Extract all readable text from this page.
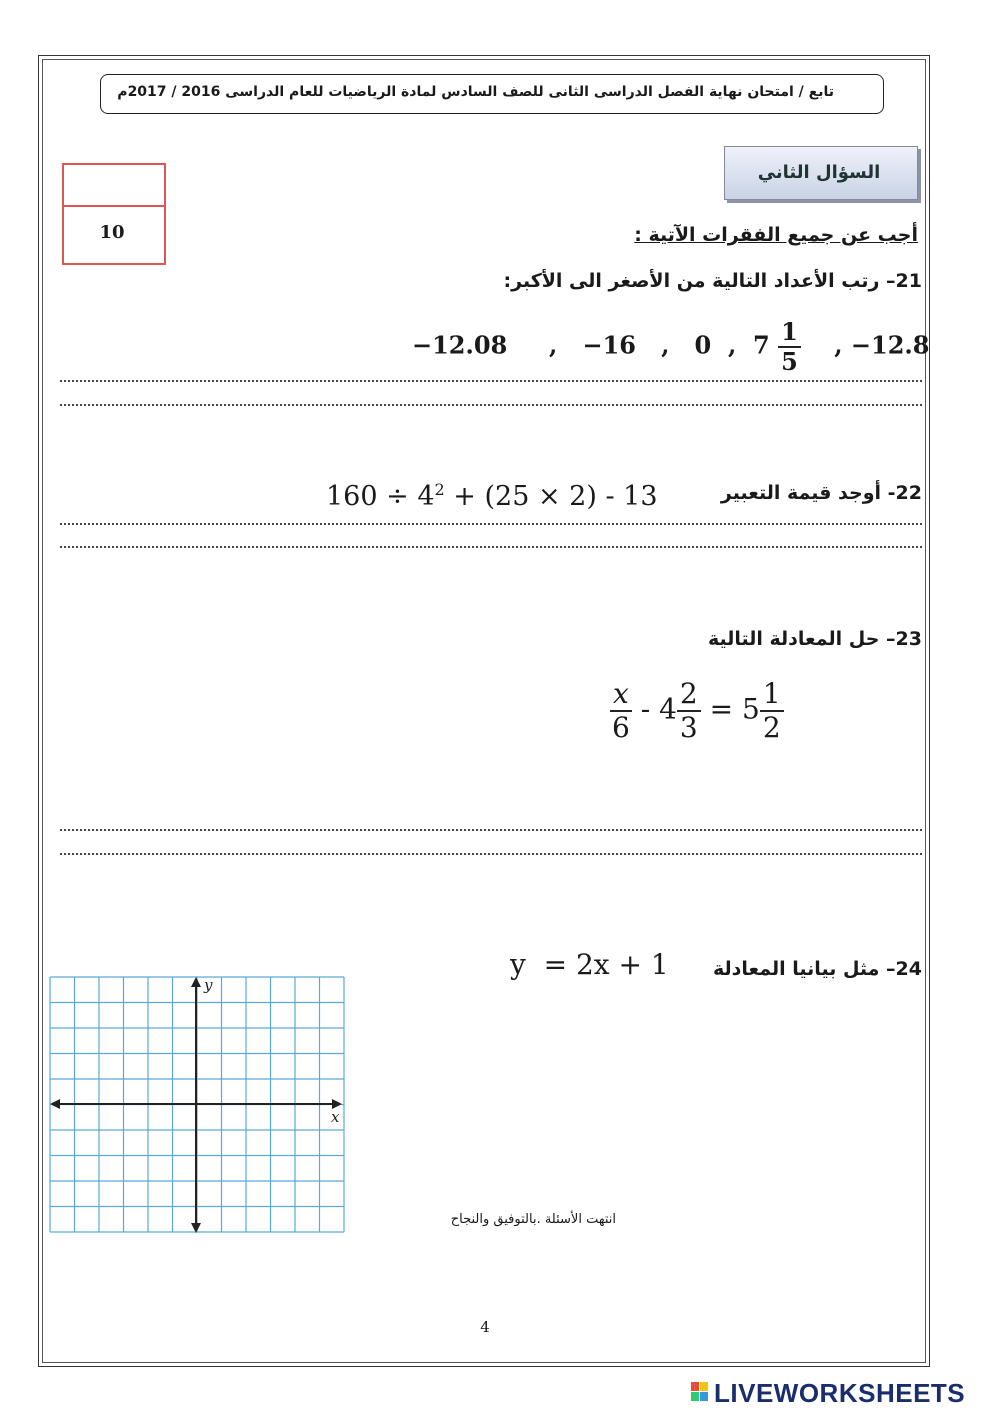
تابع / امتحان نهاية الفصل الدراسى الثانى للصف السادس لمادة الرياضيات للعام الدراسى 2016 / 2017م
10
السؤال الثاني
أجب عن جميع الفقرات الآتية :
21– رتب الأعداد التالية من الأصغر الى الأكبر:
−12.08 , −16 , 0 , $7 \frac{1}{5}$ , −12.8
22- أوجد قيمة التعبير
$160 \div 4^2 + (25 \times 2) - 13$
23– حل المعادلة التالية
$\frac{x}{6} - 4 \frac{2}{3} = 5 \frac{1}{2}$
24– مثل بيانيا المعادلة
y  = 2x + 1
x
y
انتهت الأسئلة .بالتوفيق والنجاح
4
LIVEWORKSHEETS
